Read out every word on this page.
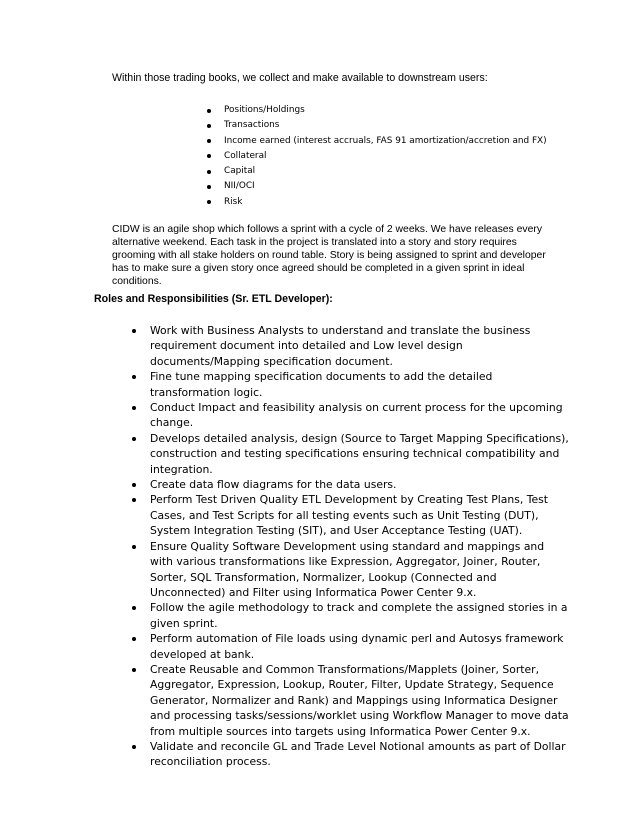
Within those trading books, we collect and make available to downstream users:
Positions/Holdings
Transactions
Income earned (interest accruals, FAS 91 amortization/accretion and FX)
Collateral
Capital
NII/OCI
Risk

CIDW is an agile shop which follows a sprint with a cycle of 2 weeks. We have releases every alternative weekend. Each task in the project is translated into a story and story requires grooming with all stake holders on round table. Story is being assigned to sprint and developer has to make sure a given story once agreed should be completed in a given sprint in ideal conditions.

Roles and Responsibilities (Sr. ETL Developer):

Work with Business Analysts to understand and translate the business requirement document into detailed and Low level design documents/Mapping specification document.
Fine tune mapping specification documents to add the detailed transformation logic.
Conduct Impact and feasibility analysis on current process for the upcoming change.
Develops detailed analysis, design (Source to Target Mapping Specifications), construction and testing specifications ensuring technical compatibility and integration.
Create data flow diagrams for the data users.
Perform Test Driven Quality ETL Development by Creating Test Plans, Test Cases, and Test Scripts for all testing events such as Unit Testing (DUT), System Integration Testing (SIT), and User Acceptance Testing (UAT).
Ensure Quality Software Development using standard and mappings and with various transformations like Expression, Aggregator, Joiner, Router, Sorter, SQL Transformation, Normalizer, Lookup (Connected and Unconnected) and Filter using Informatica Power Center 9.x.
Follow the agile methodology to track and complete the assigned stories in a given sprint.
Perform automation of File loads using dynamic perl and Autosys framework developed at bank.
Create Reusable and Common Transformations/Mapplets (Joiner, Sorter, Aggregator, Expression, Lookup, Router, Filter, Update Strategy, Sequence Generator, Normalizer and Rank) and Mappings using Informatica Designer and processing tasks/sessions/worklet using Workflow Manager to move data from multiple sources into targets using Informatica Power Center 9.x.
Validate and reconcile GL and Trade Level Notional amounts as part of Dollar reconciliation process.
